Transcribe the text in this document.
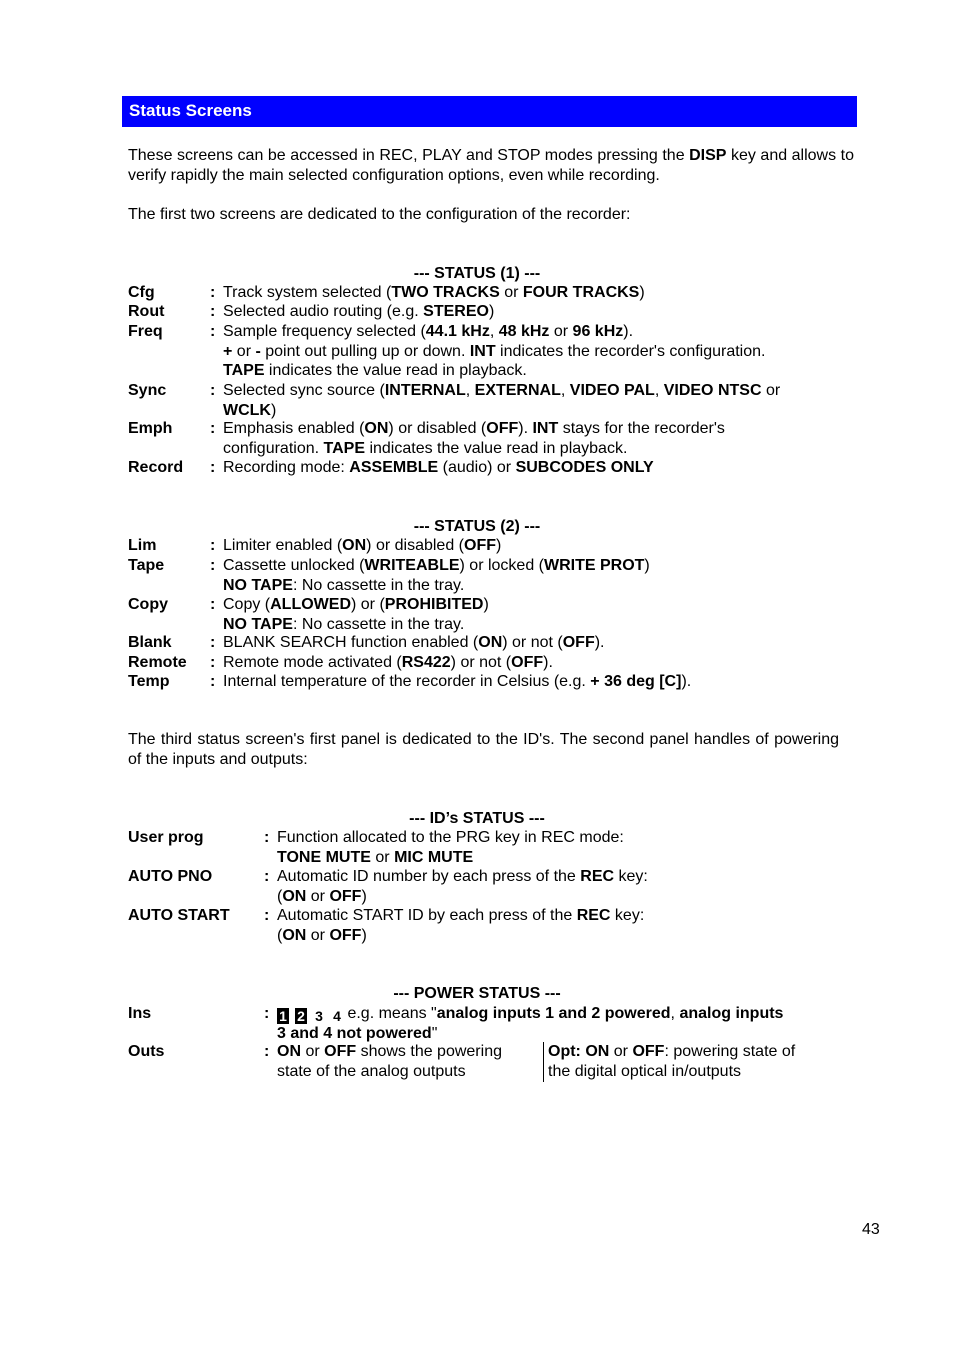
Status Screens
These screens can be accessed in REC, PLAY and STOP modes pressing the DISP key and allows to verify rapidly the main selected configuration options, even while recording.
The first two screens are dedicated to the configuration of the recorder:
--- STATUS (1) ---
Cfg	: Track system selected (TWO TRACKS or FOUR TRACKS)
Rout	: Selected audio routing (e.g. STEREO)
Freq	: Sample frequency selected (44.1 kHz, 48 kHz or 96 kHz).
+ or - point out pulling up or down. INT indicates the recorder's configuration.
TAPE indicates the value read in playback.
Sync	: Selected sync source (INTERNAL, EXTERNAL, VIDEO PAL, VIDEO NTSC or
WCLK)
Emph : Emphasis enabled (ON) or disabled (OFF). INT stays for the recorder's
configuration. TAPE indicates the value read in playback.
Record : Recording mode: ASSEMBLE (audio) or SUBCODES ONLY
--- STATUS (2) ---
Lim	: Limiter enabled (ON) or disabled (OFF)
Tape	: Cassette unlocked (WRITEABLE) or locked (WRITE PROT)
NO TAPE: No cassette in the tray.
Copy	: Copy (ALLOWED) or (PROHIBITED)
NO TAPE: No cassette in the tray.
Blank : BLANK SEARCH function enabled (ON) or not (OFF).
Remote : Remote mode activated (RS422) or not (OFF).
Temp	: Internal temperature of the recorder in Celsius (e.g. + 36 deg [C]).
The third status screen's first panel is dedicated to the ID's. The second panel handles of powering of the inputs and outputs:
--- ID’s STATUS ---
User prog	: Function allocated to the PRG key in REC mode:
TONE MUTE or MIC MUTE
AUTO PNO	: Automatic ID number by each press of the REC key:
(ON or OFF)
AUTO START : Automatic START ID by each press of the REC key:
(ON or OFF)
--- POWER STATUS ---
Ins	: 1 2 3 4 e.g. means "analog inputs 1 and 2 powered, analog inputs
3 and 4 not powered"
Outs	: ON or OFF shows the powering
state of the analog outputs
Opt: ON or OFF: powering state of
the digital optical in/outputs
43
